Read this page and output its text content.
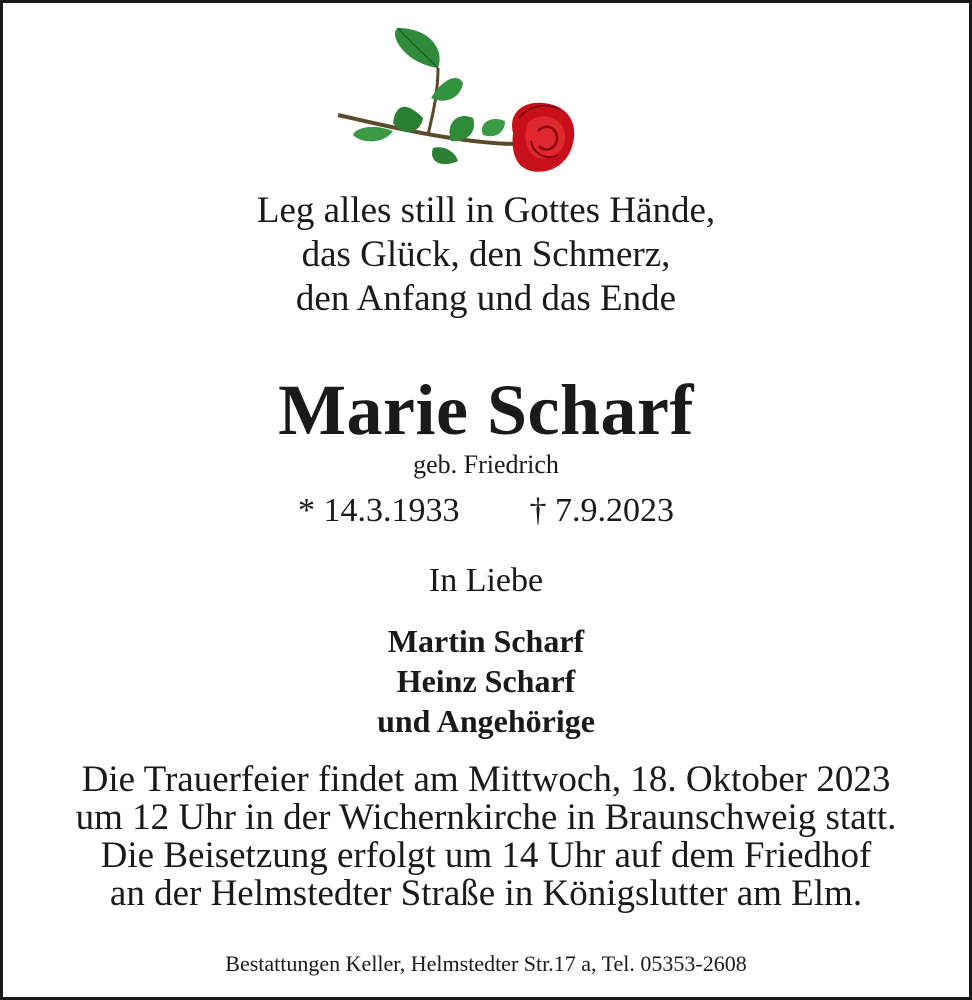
Leg alles still in Gottes Hände,
das Glück, den Schmerz,
den Anfang und das Ende
Marie Scharf
geb. Friedrich
* 14.3.1933 † 7.9.2023
In Liebe
Martin Scharf
Heinz Scharf
und Angehörige
Die Trauerfeier findet am Mittwoch, 18. Oktober 2023
um 12 Uhr in der Wichernkirche in Braunschweig statt.
Die Beisetzung erfolgt um 14 Uhr auf dem Friedhof
an der Helmstedter Straße in Königslutter am Elm.
Bestattungen Keller, Helmstedter Str.17 a, Tel. 05353-2608
